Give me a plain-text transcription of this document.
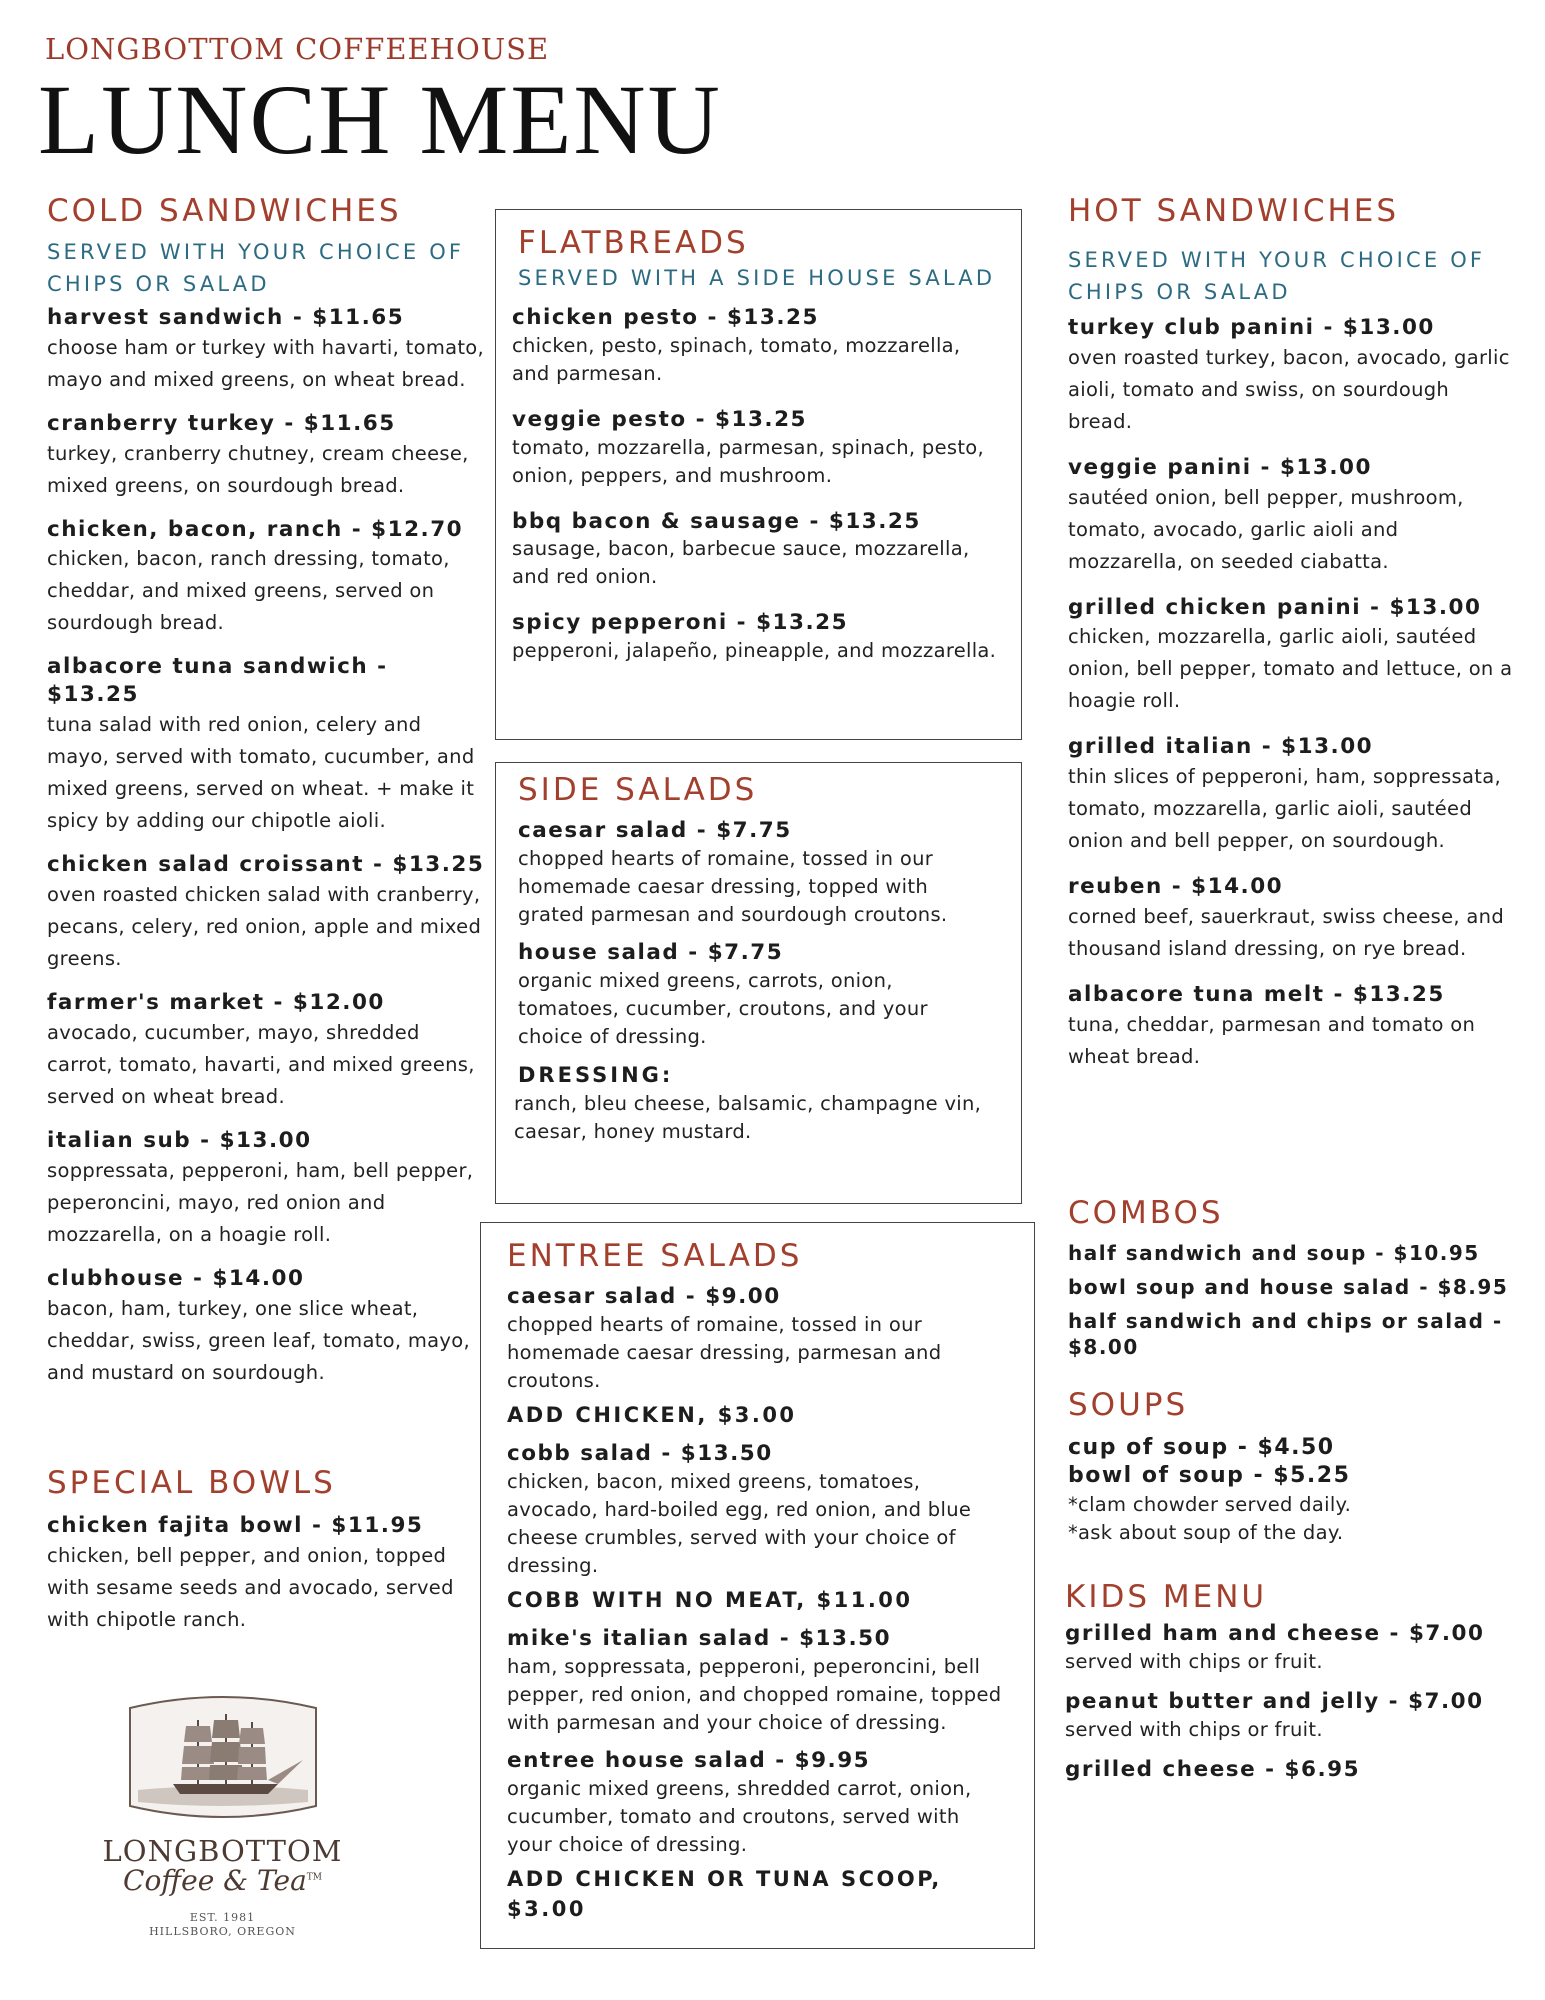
LONGBOTTOM COFFEEHOUSE
LUNCH MENU
COLD SANDWICHES
SERVED WITH YOUR CHOICE OF CHIPS OR SALAD
harvest sandwich - $11.65
choose ham or turkey with havarti, tomato, mayo and mixed greens, on wheat bread.
cranberry turkey - $11.65
turkey, cranberry chutney, cream cheese, mixed greens, on sourdough bread.
chicken, bacon, ranch - $12.70
chicken, bacon, ranch dressing, tomato, cheddar, and mixed greens, served on sourdough bread.
albacore tuna sandwich - $13.25
tuna salad with red onion, celery and mayo, served with tomato, cucumber, and mixed greens, served on wheat. + make it spicy by adding our chipotle aioli.
chicken salad croissant - $13.25
oven roasted chicken salad with cranberry, pecans, celery, red onion, apple and mixed greens.
farmer's market - $12.00
avocado, cucumber, mayo, shredded carrot, tomato, havarti, and mixed greens, served on wheat bread.
italian sub - $13.00
soppressata, pepperoni, ham, bell pepper, peperoncini, mayo, red onion and mozzarella, on a hoagie roll.
clubhouse - $14.00
bacon, ham, turkey, one slice wheat, cheddar, swiss, green leaf, tomato, mayo, and mustard on sourdough.
SPECIAL BOWLS
chicken fajita bowl - $11.95
chicken, bell pepper, and onion, topped with sesame seeds and avocado, served with chipotle ranch.
LONGBOTTOM
Coffee & Tea™
EST. 1981
HILLSBORO, OREGON
FLATBREADS
SERVED WITH A SIDE HOUSE SALAD
chicken pesto - $13.25
chicken, pesto, spinach, tomato, mozzarella, and parmesan.
veggie pesto - $13.25
tomato, mozzarella, parmesan, spinach, pesto, onion, peppers, and mushroom.
bbq bacon & sausage - $13.25
sausage, bacon, barbecue sauce, mozzarella, and red onion.
spicy pepperoni - $13.25
pepperoni, jalapeño, pineapple, and mozzarella.
SIDE SALADS
caesar salad - $7.75
chopped hearts of romaine, tossed in our homemade caesar dressing, topped with grated parmesan and sourdough croutons.
house salad - $7.75
organic mixed greens, carrots, onion, tomatoes, cucumber, croutons, and your choice of dressing.
DRESSING:
ranch, bleu cheese, balsamic, champagne vin, caesar, honey mustard.
ENTREE SALADS
caesar salad - $9.00
chopped hearts of romaine, tossed in our homemade caesar dressing, parmesan and croutons.
ADD CHICKEN, $3.00
cobb salad - $13.50
chicken, bacon, mixed greens, tomatoes, avocado, hard-boiled egg, red onion, and blue cheese crumbles, served with your choice of dressing.
COBB WITH NO MEAT, $11.00
mike's italian salad - $13.50
ham, soppressata, pepperoni, peperoncini, bell pepper, red onion, and chopped romaine, topped with parmesan and your choice of dressing.
entree house salad - $9.95
organic mixed greens, shredded carrot, onion, cucumber, tomato and croutons, served with your choice of dressing.
ADD CHICKEN OR TUNA SCOOP, $3.00
HOT SANDWICHES
SERVED WITH YOUR CHOICE OF CHIPS OR SALAD
turkey club panini - $13.00
oven roasted turkey, bacon, avocado, garlic aioli, tomato and swiss, on sourdough bread.
veggie panini - $13.00
sautéed onion, bell pepper, mushroom, tomato, avocado, garlic aioli and mozzarella, on seeded ciabatta.
grilled chicken panini - $13.00
chicken, mozzarella, garlic aioli, sautéed onion, bell pepper, tomato and lettuce, on a hoagie roll.
grilled italian - $13.00
thin slices of pepperoni, ham, soppressata, tomato, mozzarella, garlic aioli, sautéed onion and bell pepper, on sourdough.
reuben - $14.00
corned beef, sauerkraut, swiss cheese, and thousand island dressing, on rye bread.
albacore tuna melt - $13.25
tuna, cheddar, parmesan and tomato on wheat bread.
COMBOS
half sandwich and soup - $10.95
bowl soup and house salad - $8.95
half sandwich and chips or salad - $8.00
SOUPS
cup of soup - $4.50
bowl of soup - $5.25
*clam chowder served daily.
*ask about soup of the day.
KIDS MENU
grilled ham and cheese - $7.00
served with chips or fruit.
peanut butter and jelly - $7.00
served with chips or fruit.
grilled cheese - $6.95
